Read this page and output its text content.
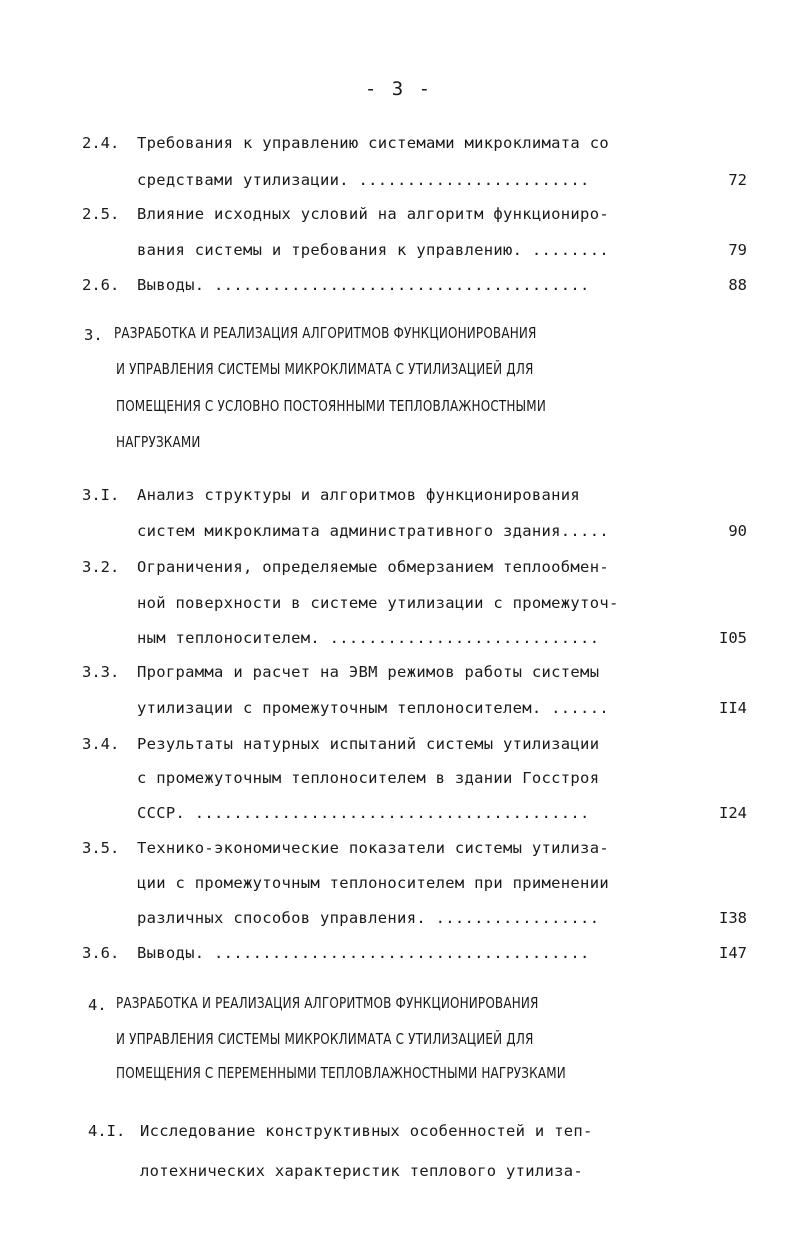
- 3 -
2.4. Требования к управлению системами микроклимата со
средствами утилизации. ........................	72
2.5. Влияние исходных условий на алгоритм функциониро-
вания системы и требования к управлению. ........	79
2.6. Выводы. .......................................	88
3. РАЗРАБОТКА И РЕАЛИЗАЦИЯ АЛГОРИТМОВ ФУНКЦИОНИРОВАНИЯ
И УПРАВЛЕНИЯ СИСТЕМЫ МИКРОКЛИМАТА С УТИЛИЗАЦИЕЙ ДЛЯ
ПОМЕЩЕНИЯ С УСЛОВНО ПОСТОЯННЫМИ ТЕПЛОВЛАЖНОСТНЫМИ
НАГРУЗКАМИ
3.I. Анализ структуры и алгоритмов функционирования
систем микроклимата административного здания.....	90
3.2. Ограничения, определяемые обмерзанием теплообмен-
ной поверхности в системе утилизации с промежуточ-
ным теплоносителем. ............................	I05
3.3. Программа и расчет на ЭВМ режимов работы системы
утилизации с промежуточным теплоносителем. ......	II4
3.4. Результаты натурных испытаний системы утилизации
с промежуточным теплоносителем в здании Госстроя
СССР. .........................................	I24
3.5. Технико-экономические показатели системы утилиза-
ции с промежуточным теплоносителем при применении
различных способов управления. .................	I38
3.6. Выводы. .......................................	I47
4. РАЗРАБОТКА И РЕАЛИЗАЦИЯ АЛГОРИТМОВ ФУНКЦИОНИРОВАНИЯ
И УПРАВЛЕНИЯ СИСТЕМЫ МИКРОКЛИМАТА С УТИЛИЗАЦИЕЙ ДЛЯ
ПОМЕЩЕНИЯ С ПЕРЕМЕННЫМИ ТЕПЛОВЛАЖНОСТНЫМИ НАГРУЗКАМИ
4.I. Исследование конструктивных особенностей и теп-
лотехнических характеристик теплового утилиза-
